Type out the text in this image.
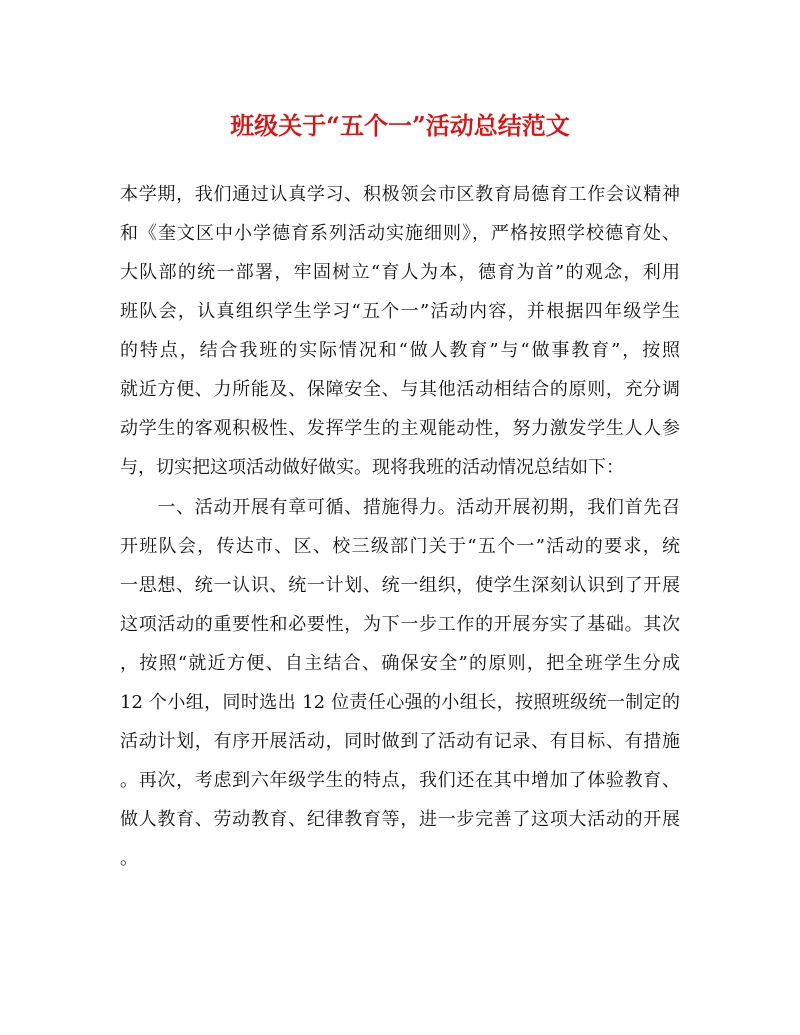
班级关于“五个一”活动总结范文
本学期，我们通过认真学习、积极领会市区教育局德育工作会议精神
和《奎文区中小学德育系列活动实施细则》，严格按照学校德育处、
大队部的统一部署，牢固树立“育人为本，德育为首”的观念，利用
班队会，认真组织学生学习“五个一”活动内容，并根据四年级学生
的特点，结合我班的实际情况和“做人教育”与“做事教育”，按照
就近方便、力所能及、保障安全、与其他活动相结合的原则，充分调
动学生的客观积极性、发挥学生的主观能动性，努力激发学生人人参
与，切实把这项活动做好做实。现将我班的活动情况总结如下：
　　一、活动开展有章可循、措施得力。活动开展初期，我们首先召
开班队会，传达市、区、校三级部门关于“五个一”活动的要求，统
一思想、统一认识、统一计划、统一组织，使学生深刻认识到了开展
这项活动的重要性和必要性，为下一步工作的开展夯实了基础。其次
，按照“就近方便、自主结合、确保安全”的原则，把全班学生分成
12 个小组，同时选出 12 位责任心强的小组长，按照班级统一制定的
活动计划，有序开展活动，同时做到了活动有记录、有目标、有措施
。再次，考虑到六年级学生的特点，我们还在其中增加了体验教育、
做人教育、劳动教育、纪律教育等，进一步完善了这项大活动的开展
。
